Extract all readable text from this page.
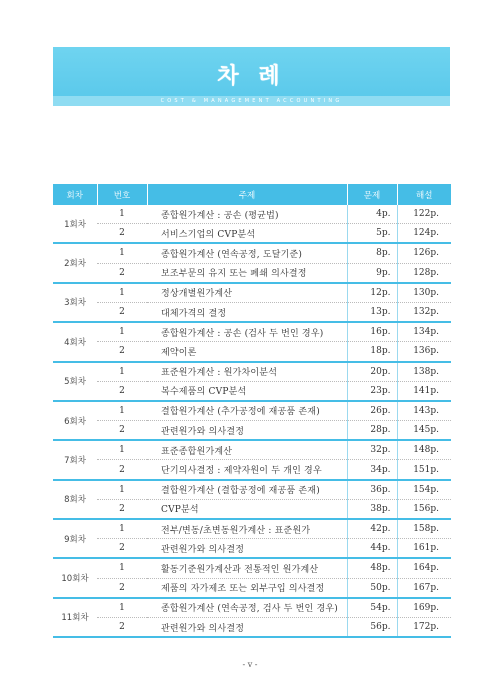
차 례
COST & MANAGEMENT ACCOUNTING
회차	번호	주제	문제	해설
1회차	1	종합원가계산 : 공손 (평균법)	4p.	122p.
	2	서비스기업의 CVP분석	5p.	124p.
2회차	1	종합원가계산 (연속공정, 도달기준)	8p.	126p.
	2	보조부문의 유지 또는 폐쇄 의사결정	9p.	128p.
3회차	1	정상개별원가계산	12p.	130p.
	2	대체가격의 결정	13p.	132p.
4회차	1	종합원가계산 : 공손 (검사 두 번인 경우)	16p.	134p.
	2	제약이론	18p.	136p.
5회차	1	표준원가계산 : 원가차이분석	20p.	138p.
	2	복수제품의 CVP분석	23p.	141p.
6회차	1	결합원가계산 (추가공정에 재공품 존재)	26p.	143p.
	2	관련원가와 의사결정	28p.	145p.
7회차	1	표준종합원가계산	32p.	148p.
	2	단기의사결정 : 제약자원이 두 개인 경우	34p.	151p.
8회차	1	결합원가계산 (결합공정에 재공품 존재)	36p.	154p.
	2	CVP분석	38p.	156p.
9회차	1	전부/변동/초변동원가계산 : 표준원가	42p.	158p.
	2	관련원가와 의사결정	44p.	161p.
10회차	1	활동기준원가계산과 전통적인 원가계산	48p.	164p.
	2	제품의 자가제조 또는 외부구입 의사결정	50p.	167p.
11회차	1	종합원가계산 (연속공정, 검사 두 번인 경우)	54p.	169p.
	2	관련원가와 의사결정	56p.	172p.
- v -
